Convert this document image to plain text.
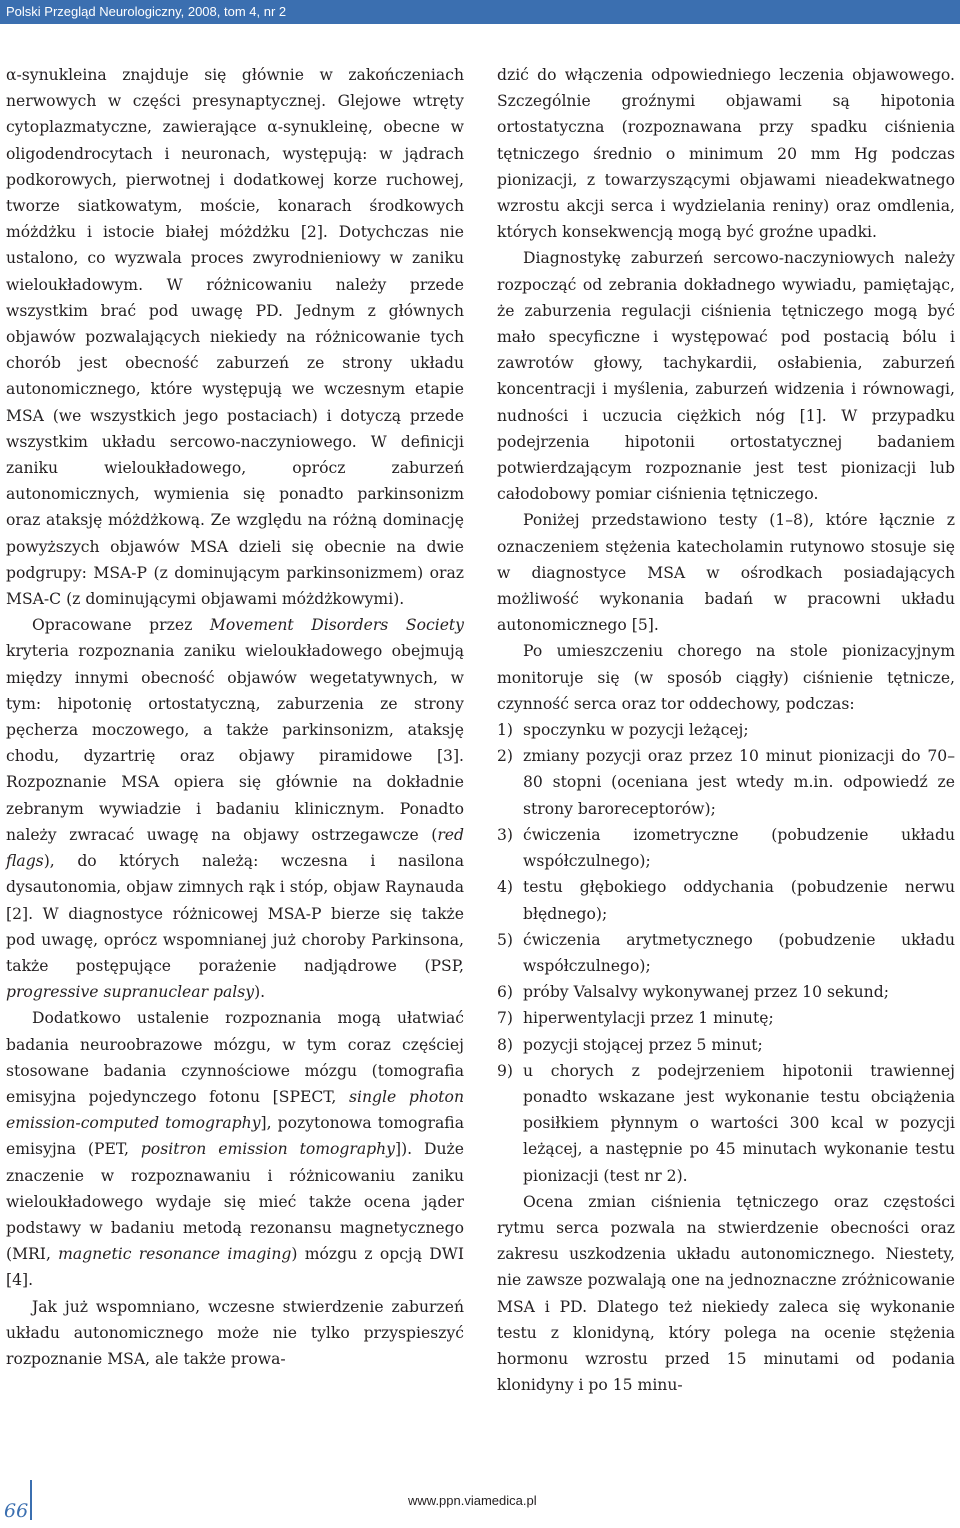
Polski Przegląd Neurologiczny, 2008, tom 4, nr 2

α-synukleina znajduje się głównie w zakończeniach nerwowych w części presynaptycznej. Glejowe wtręty cytoplazmatyczne, zawierające α-synukleinę, obecne w oligodendrocytach i neuronach, występują: w jądrach podkorowych, pierwotnej i dodatkowej korze ruchowej, tworze siatkowatym, moście, konarach środkowych móżdżku i istocie białej móżdżku [2]. Dotychczas nie ustalono, co wyzwala proces zwyrodnieniowy w zaniku wieloukładowym. W różnicowaniu należy przede wszystkim brać pod uwagę PD. Jednym z głównych objawów pozwalających niekiedy na różnicowanie tych chorób jest obecność zaburzeń ze strony układu autonomicznego, które występują we wczesnym etapie MSA (we wszystkich jego postaciach) i dotyczą przede wszystkim układu sercowo-naczyniowego. W definicji zaniku wieloukładowego, oprócz zaburzeń autonomicznych, wymienia się ponadto parkinsonizm oraz ataksję móżdżkową. Ze względu na różną dominację powyższych objawów MSA dzieli się obecnie na dwie podgrupy: MSA-P (z dominującym parkinsonizmem) oraz MSA-C (z dominującymi objawami móżdżkowymi).

Opracowane przez Movement Disorders Society kryteria rozpoznania zaniku wieloukładowego obejmują między innymi obecność objawów wegetatywnych, w tym: hipotonię ortostatyczną, zaburzenia ze strony pęcherza moczowego, a także parkinsonizm, ataksję chodu, dyzartrię oraz objawy piramidowe [3]. Rozpoznanie MSA opiera się głównie na dokładnie zebranym wywiadzie i badaniu klinicznym. Ponadto należy zwracać uwagę na objawy ostrzegawcze (red flags), do których należą: wczesna i nasilona dysautonomia, objaw zimnych rąk i stóp, objaw Raynauda [2]. W diagnostyce różnicowej MSA-P bierze się także pod uwagę, oprócz wspomnianej już choroby Parkinsona, także postępujące porażenie nadjądrowe (PSP, progressive supranuclear palsy).

Dodatkowo ustalenie rozpoznania mogą ułatwiać badania neuroobrazowe mózgu, w tym coraz częściej stosowane badania czynnościowe mózgu (tomografia emisyjna pojedynczego fotonu [SPECT, single photon emission-computed tomography], pozytonowa tomografia emisyjna (PET, positron emission tomography]). Duże znaczenie w rozpoznawaniu i różnicowaniu zaniku wieloukładowego wydaje się mieć także ocena jąder podstawy w badaniu metodą rezonansu magnetycznego (MRI, magnetic resonance imaging) mózgu z opcją DWI [4].

Jak już wspomniano, wczesne stwierdzenie zaburzeń układu autonomicznego może nie tylko przyspieszyć rozpoznanie MSA, ale także prowa-

dzić do włączenia odpowiedniego leczenia objawowego. Szczególnie groźnymi objawami są hipotonia ortostatyczna (rozpoznawana przy spadku ciśnienia tętniczego średnio o minimum 20 mm Hg podczas pionizacji, z towarzyszącymi objawami nieadekwatnego wzrostu akcji serca i wydzielania reniny) oraz omdlenia, których konsekwencją mogą być groźne upadki.

Diagnostykę zaburzeń sercowo-naczyniowych należy rozpocząć od zebrania dokładnego wywiadu, pamiętając, że zaburzenia regulacji ciśnienia tętniczego mogą być mało specyficzne i występować pod postacią bólu i zawrotów głowy, tachykardii, osłabienia, zaburzeń koncentracji i myślenia, zaburzeń widzenia i równowagi, nudności i uczucia ciężkich nóg [1]. W przypadku podejrzenia hipotonii ortostatycznej badaniem potwierdzającym rozpoznanie jest test pionizacji lub całodobowy pomiar ciśnienia tętniczego.

Poniżej przedstawiono testy (1–8), które łącznie z oznaczeniem stężenia katecholamin rutynowo stosuje się w diagnostyce MSA w ośrodkach posiadających możliwość wykonania badań w pracowni układu autonomicznego [5].

Po umieszczeniu chorego na stole pionizacyjnym monitoruje się (w sposób ciągły) ciśnienie tętnicze, czynność serca oraz tor oddechowy, podczas:

1) spoczynku w pozycji leżącej;
2) zmiany pozycji oraz przez 10 minut pionizacji do 70–80 stopni (oceniana jest wtedy m.in. odpowiedź ze strony baroreceptorów);
3) ćwiczenia izometryczne (pobudzenie układu współczulnego);
4) testu głębokiego oddychania (pobudzenie nerwu błędnego);
5) ćwiczenia arytmetycznego (pobudzenie układu współczulnego);
6) próby Valsalvy wykonywanej przez 10 sekund;
7) hiperwentylacji przez 1 minutę;
8) pozycji stojącej przez 5 minut;
9) u chorych z podejrzeniem hipotonii trawiennej ponadto wskazane jest wykonanie testu obciążenia posiłkiem płynnym o wartości 300 kcal w pozycji leżącej, a następnie po 45 minutach wykonanie testu pionizacji (test nr 2).

Ocena zmian ciśnienia tętniczego oraz częstości rytmu serca pozwala na stwierdzenie obecności oraz zakresu uszkodzenia układu autonomicznego. Niestety, nie zawsze pozwalają one na jednoznaczne zróżnicowanie MSA i PD. Dlatego też niekiedy zaleca się wykonanie testu z klonidyną, który polega na ocenie stężenia hormonu wzrostu przed 15 minutami od podania klonidyny i po 15 minu-

66	www.ppn.viamedica.pl
